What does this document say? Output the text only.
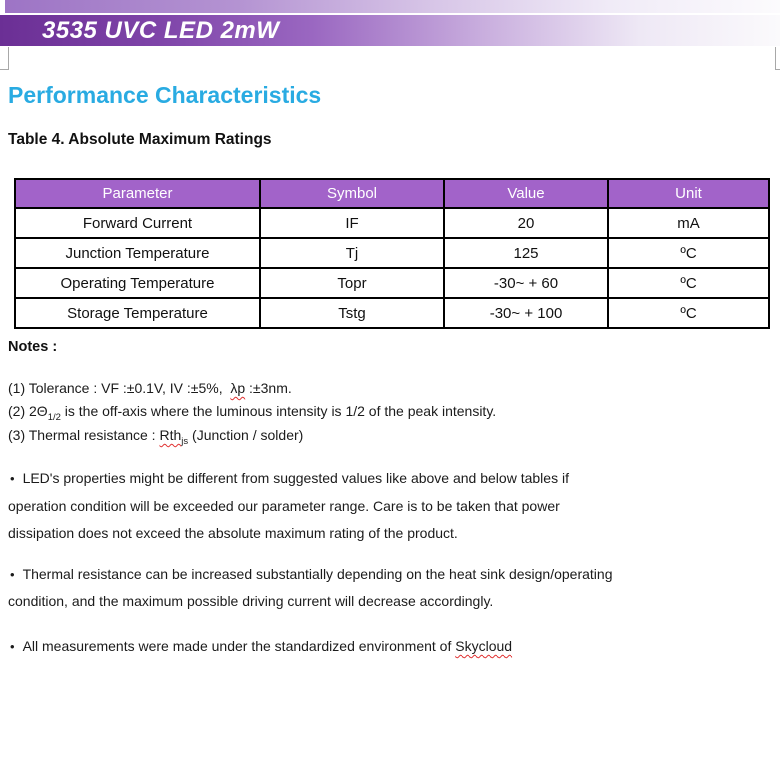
3535 UVC LED 2mW
Performance Characteristics
Table 4. Absolute Maximum Ratings
Parameter	Symbol	Value	Unit
Forward Current	IF	20	mA
Junction Temperature	Tj	125	ºC
Operating Temperature	Topr	-30~ + 60	ºC
Storage Temperature	Tstg	-30~ + 100	ºC
Notes :
(1) Tolerance : VF :±0.1V, IV :±5%,  λp :±3nm.
(2) $2\Theta_{1/2}$ is the off-axis where the luminous intensity is 1/2 of the peak intensity.
(3) Thermal resistance : Rth$_{js}$ (Junction / solder)
• LED's properties might be different from suggested values like above and below tables if
operation condition will be exceeded our parameter range. Care is to be taken that power
dissipation does not exceed the absolute maximum rating of the product.
• Thermal resistance can be increased substantially depending on the heat sink design/operating
condition, and the maximum possible driving current will decrease accordingly.
• All measurements were made under the standardized environment of Skycloud
